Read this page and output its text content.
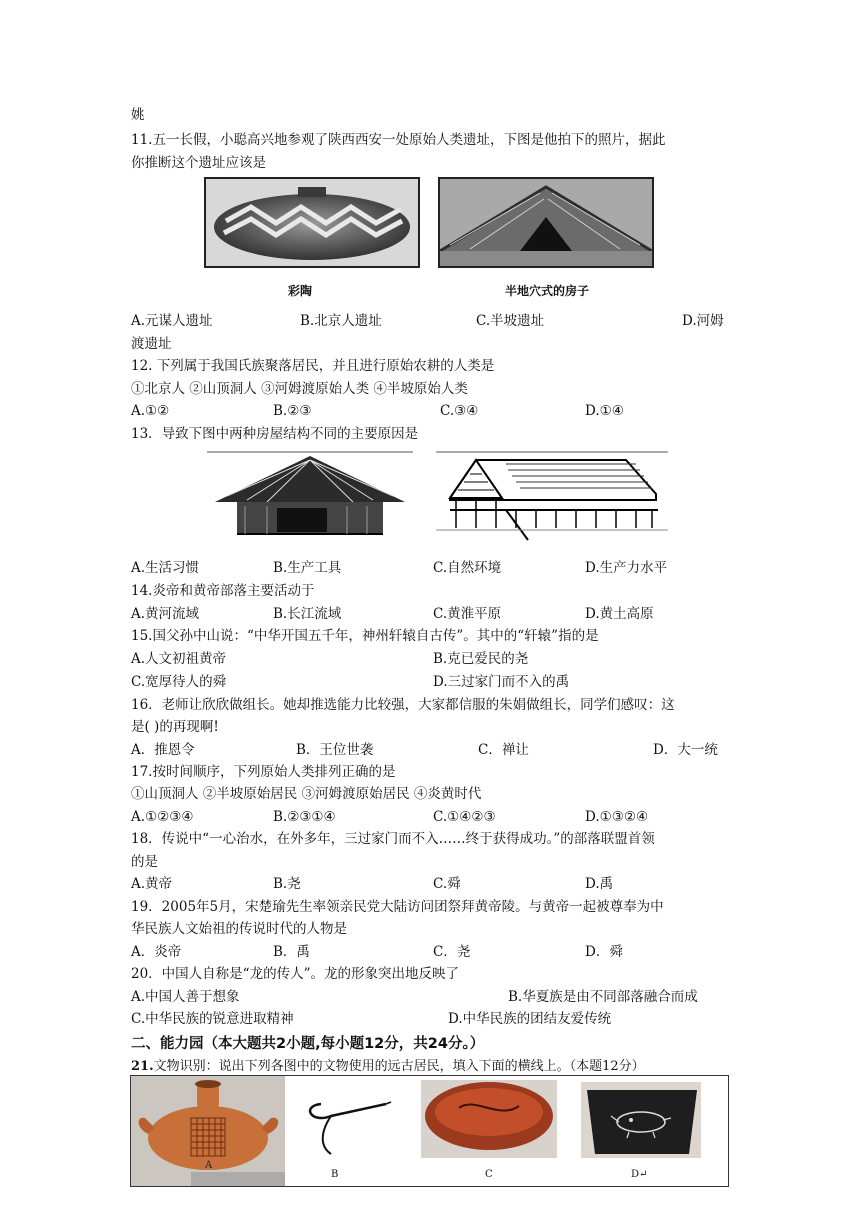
姚
11.五一长假，小聪高兴地参观了陕西西安一处原始人类遗址，下图是他拍下的照片，据此
你推断这个遗址应该是
彩陶	半地穴式的房子
A.元谋人遗址	B.北京人遗址	C.半坡遗址	D.河姆
渡遗址
12. 下列属于我国氏族聚落居民，并且进行原始农耕的人类是
①北京人 ②山顶洞人 ③河姆渡原始人类 ④半坡原始人类
A.①②	B.②③	C.③④	D.①④
13．导致下图中两种房屋结构不同的主要原因是
A.生活习惯	B.生产工具	C.自然环境	D.生产力水平
14.炎帝和黄帝部落主要活动于
A.黄河流域	B.长江流域	C.黄淮平原	D.黄土高原
15.国父孙中山说：“中华开国五千年，神州轩辕自古传”。其中的“轩辕”指的是
A.人文初祖黄帝	B.克已爱民的尧
C.宽厚待人的舜	D.三过家门而不入的禹
16．老师让欣欣做组长。她却推选能力比较强，大家都信服的朱娟做组长，同学们感叹：这
是( )的再现啊!
A．推恩令	B．王位世袭	C．禅让	D．大一统
17.按时间顺序，下列原始人类排列正确的是
①山顶洞人 ②半坡原始居民 ③河姆渡原始居民 ④炎黄时代
A.①②③④	B.②③①④	C.①④②③	D.①③②④
18．传说中“一心治水，在外多年，三过家门而不入……终于获得成功。”的部落联盟首领
的是
A.黄帝	B.尧	C.舜	D.禹
19．2005年5月，宋楚瑜先生率领亲民党大陆访问团祭拜黄帝陵。与黄帝一起被尊奉为中
华民族人文始祖的传说时代的人物是
A．炎帝	B．禹	C．尧	D．舜
20．中国人自称是“龙的传人”。龙的形象突出地反映了
A.中国人善于想象	B.华夏族是由不同部落融合而成
C.中华民族的锐意进取精神	D.中华民族的团结友爱传统
二、能力园（本大题共2小题,每小题12分，共24分。）
21.文物识别：说出下列各图中的文物使用的远古居民，填入下面的横线上。（本题12分）
A
B	C	D↵
